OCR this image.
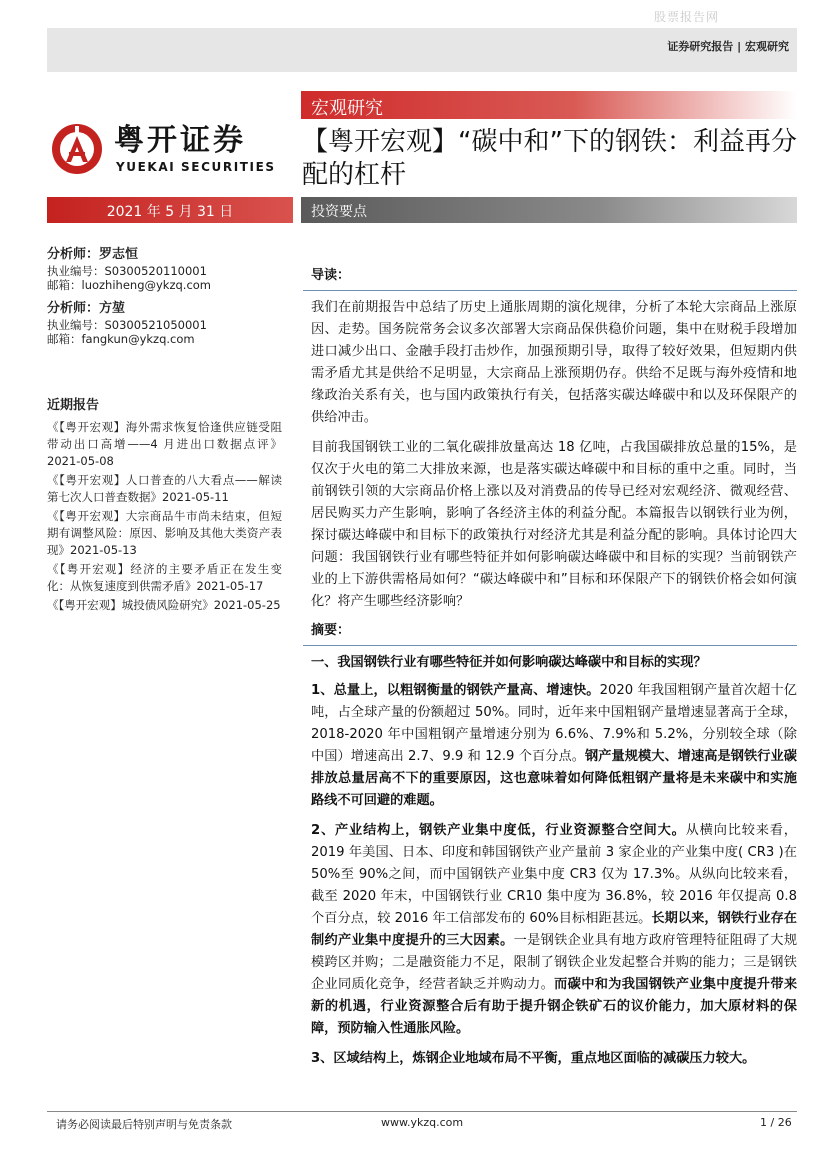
股票报告网
证券研究报告 | 宏观研究
粤开证券
YUEKAI SECURITIES
宏观研究
【粤开宏观】“碳中和”下的钢铁：利益再分配的杠杆
2021 年 5 月 31 日	投资要点
分析师：罗志恒
执业编号：S0300520110001
邮箱：luozhiheng@ykzq.com
分析师：方堃
执业编号：S0300521050001
邮箱：fangkun@ykzq.com
近期报告
《【粤开宏观】海外需求恢复恰逢供应链受阻带动出口高增——4 月进出口数据点评》2021-05-08
《【粤开宏观】人口普查的八大看点——解读第七次人口普查数据》2021-05-11
《【粤开宏观】大宗商品牛市尚未结束，但短期有调整风险：原因、影响及其他大类资产表现》2021-05-13
《【粤开宏观】经济的主要矛盾正在发生变化：从恢复速度到供需矛盾》2021-05-17
《【粤开宏观】城投债风险研究》2021-05-25
导读：

我们在前期报告中总结了历史上通胀周期的演化规律，分析了本轮大宗商品上涨原因、走势。国务院常务会议多次部署大宗商品保供稳价问题，集中在财税手段增加进口减少出口、金融手段打击炒作，加强预期引导，取得了较好效果，但短期内供需矛盾尤其是供给不足明显，大宗商品上涨预期仍存。供给不足既与海外疫情和地缘政治关系有关，也与国内政策执行有关，包括落实碳达峰碳中和以及环保限产的供给冲击。

目前我国钢铁工业的二氧化碳排放量高达 18 亿吨，占我国碳排放总量的15%，是仅次于火电的第二大排放来源，也是落实碳达峰碳中和目标的重中之重。同时，当前钢铁引领的大宗商品价格上涨以及对消费品的传导已经对宏观经济、微观经营、居民购买力产生影响，影响了各经济主体的利益分配。本篇报告以钢铁行业为例，探讨碳达峰碳中和目标下的政策执行对经济尤其是利益分配的影响。具体讨论四大问题：我国钢铁行业有哪些特征并如何影响碳达峰碳中和目标的实现？当前钢铁产业的上下游供需格局如何？“碳达峰碳中和”目标和环保限产下的钢铁价格会如何演化？将产生哪些经济影响？

摘要：

一、我国钢铁行业有哪些特征并如何影响碳达峰碳中和目标的实现？

1、总量上，以粗钢衡量的钢铁产量高、增速快。2020 年我国粗钢产量首次超十亿吨，占全球产量的份额超过 50%。同时，近年来中国粗钢产量增速显著高于全球，2018-2020 年中国粗钢产量增速分别为 6.6%、7.9%和 5.2%，分别较全球（除中国）增速高出 2.7、9.9 和 12.9 个百分点。钢产量规模大、增速高是钢铁行业碳排放总量居高不下的重要原因，这也意味着如何降低粗钢产量将是未来碳中和实施路线不可回避的难题。

2、产业结构上，钢铁产业集中度低，行业资源整合空间大。从横向比较来看，2019 年美国、日本、印度和韩国钢铁产业产量前 3 家企业的产业集中度( CR3 )在 50%至 90%之间，而中国钢铁产业集中度 CR3 仅为 17.3%。从纵向比较来看，截至 2020 年末，中国钢铁行业 CR10 集中度为 36.8%，较 2016 年仅提高 0.8 个百分点，较 2016 年工信部发布的 60%目标相距甚远。长期以来，钢铁行业存在制约产业集中度提升的三大因素。一是钢铁企业具有地方政府管理特征阻碍了大规模跨区并购；二是融资能力不足，限制了钢铁企业发起整合并购的能力；三是钢铁企业同质化竞争，经营者缺乏并购动力。而碳中和为我国钢铁产业集中度提升带来新的机遇，行业资源整合后有助于提升钢企铁矿石的议价能力，加大原材料的保障，预防输入性通胀风险。

3、区域结构上，炼钢企业地域布局不平衡，重点地区面临的减碳压力较大。

请务必阅读最后特别声明与免责条款	www.ykzq.com	1 / 26
